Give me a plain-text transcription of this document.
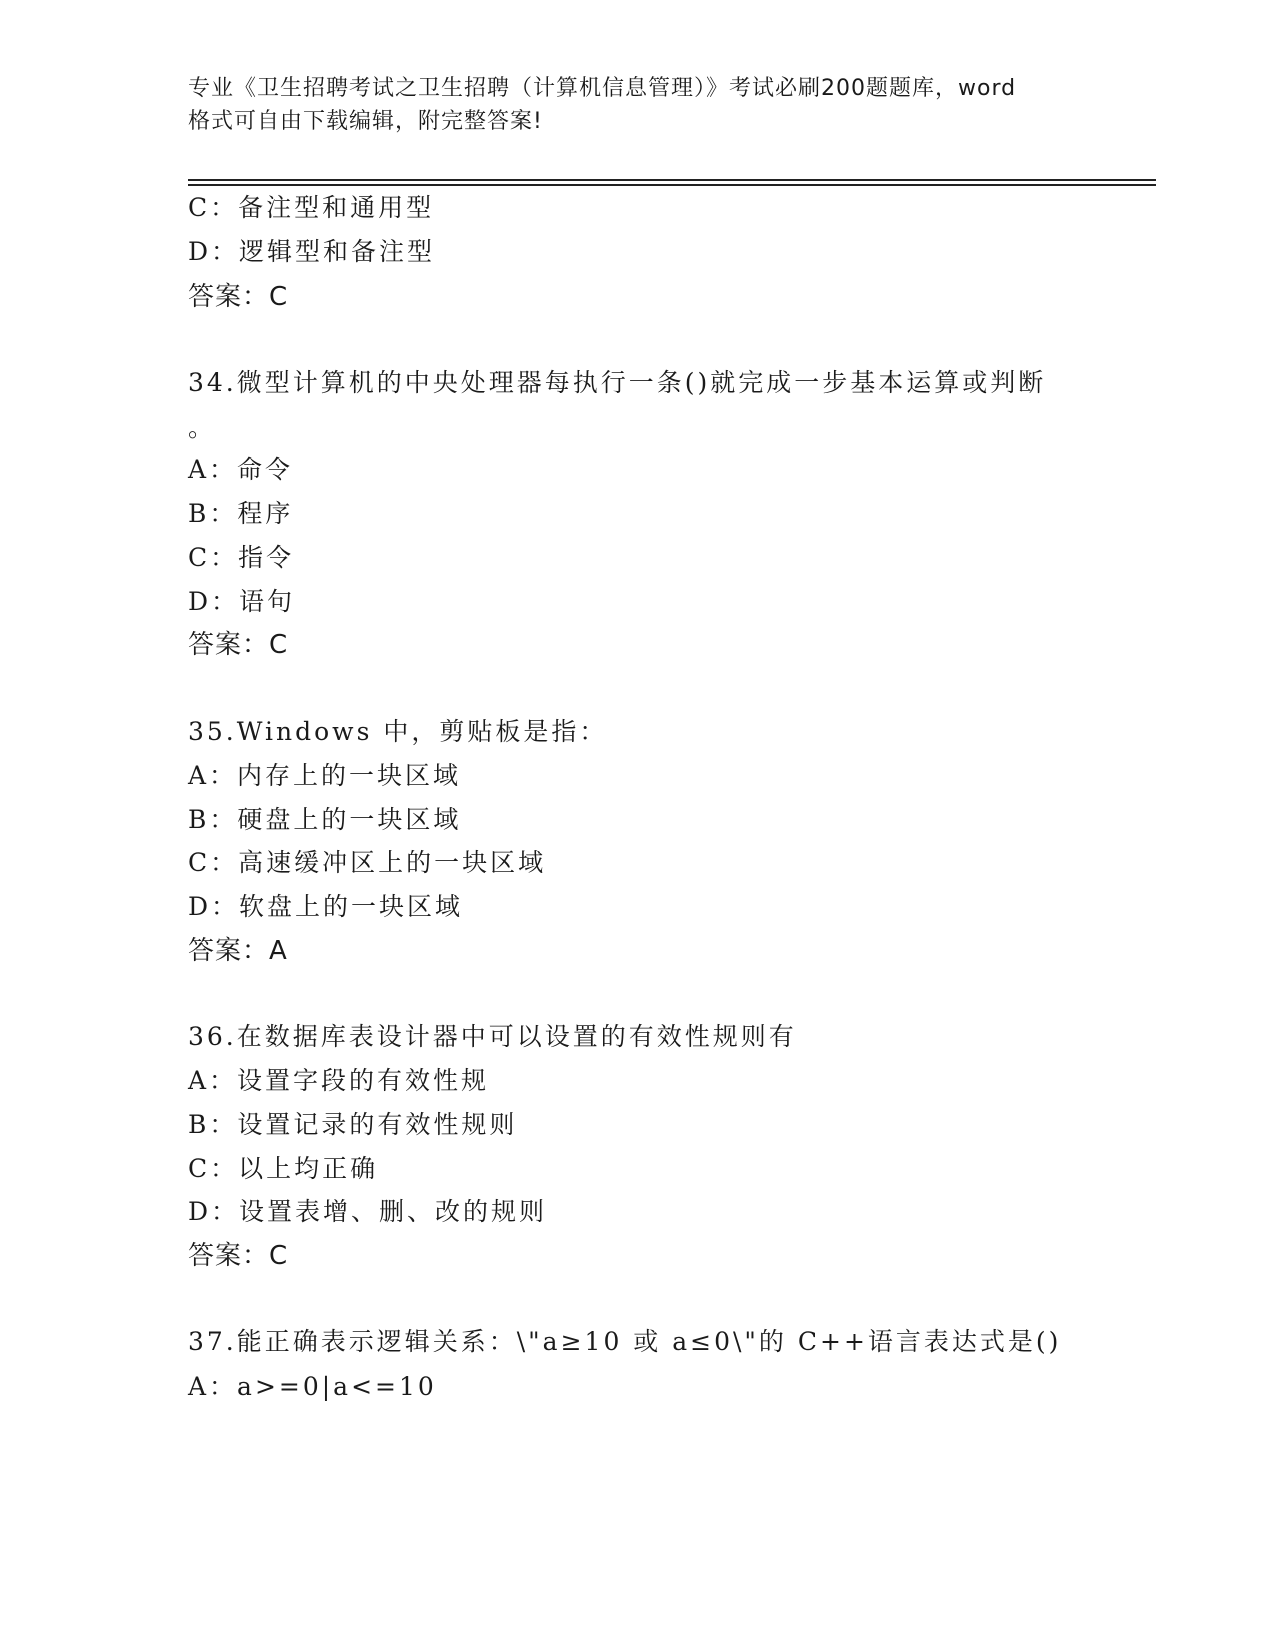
专业《卫生招聘考试之卫生招聘（计算机信息管理）》考试必刷200题题库，word
格式可自由下载编辑，附完整答案!
C：备注型和通用型
D：逻辑型和备注型
答案：C
34.微型计算机的中央处理器每执行一条()就完成一步基本运算或判断
。
A：命令
B：程序
C：指令
D：语句
答案：C
35.Windows 中，剪贴板是指：
A：内存上的一块区域
B：硬盘上的一块区域
C：高速缓冲区上的一块区域
D：软盘上的一块区域
答案：A
36.在数据库表设计器中可以设置的有效性规则有
A：设置字段的有效性规
B：设置记录的有效性规则
C：以上均正确
D：设置表增、删、改的规则
答案：C
37.能正确表示逻辑关系：\"a≥10 或 a≤0\"的 C++语言表达式是()
A：a>=0|a<=10
